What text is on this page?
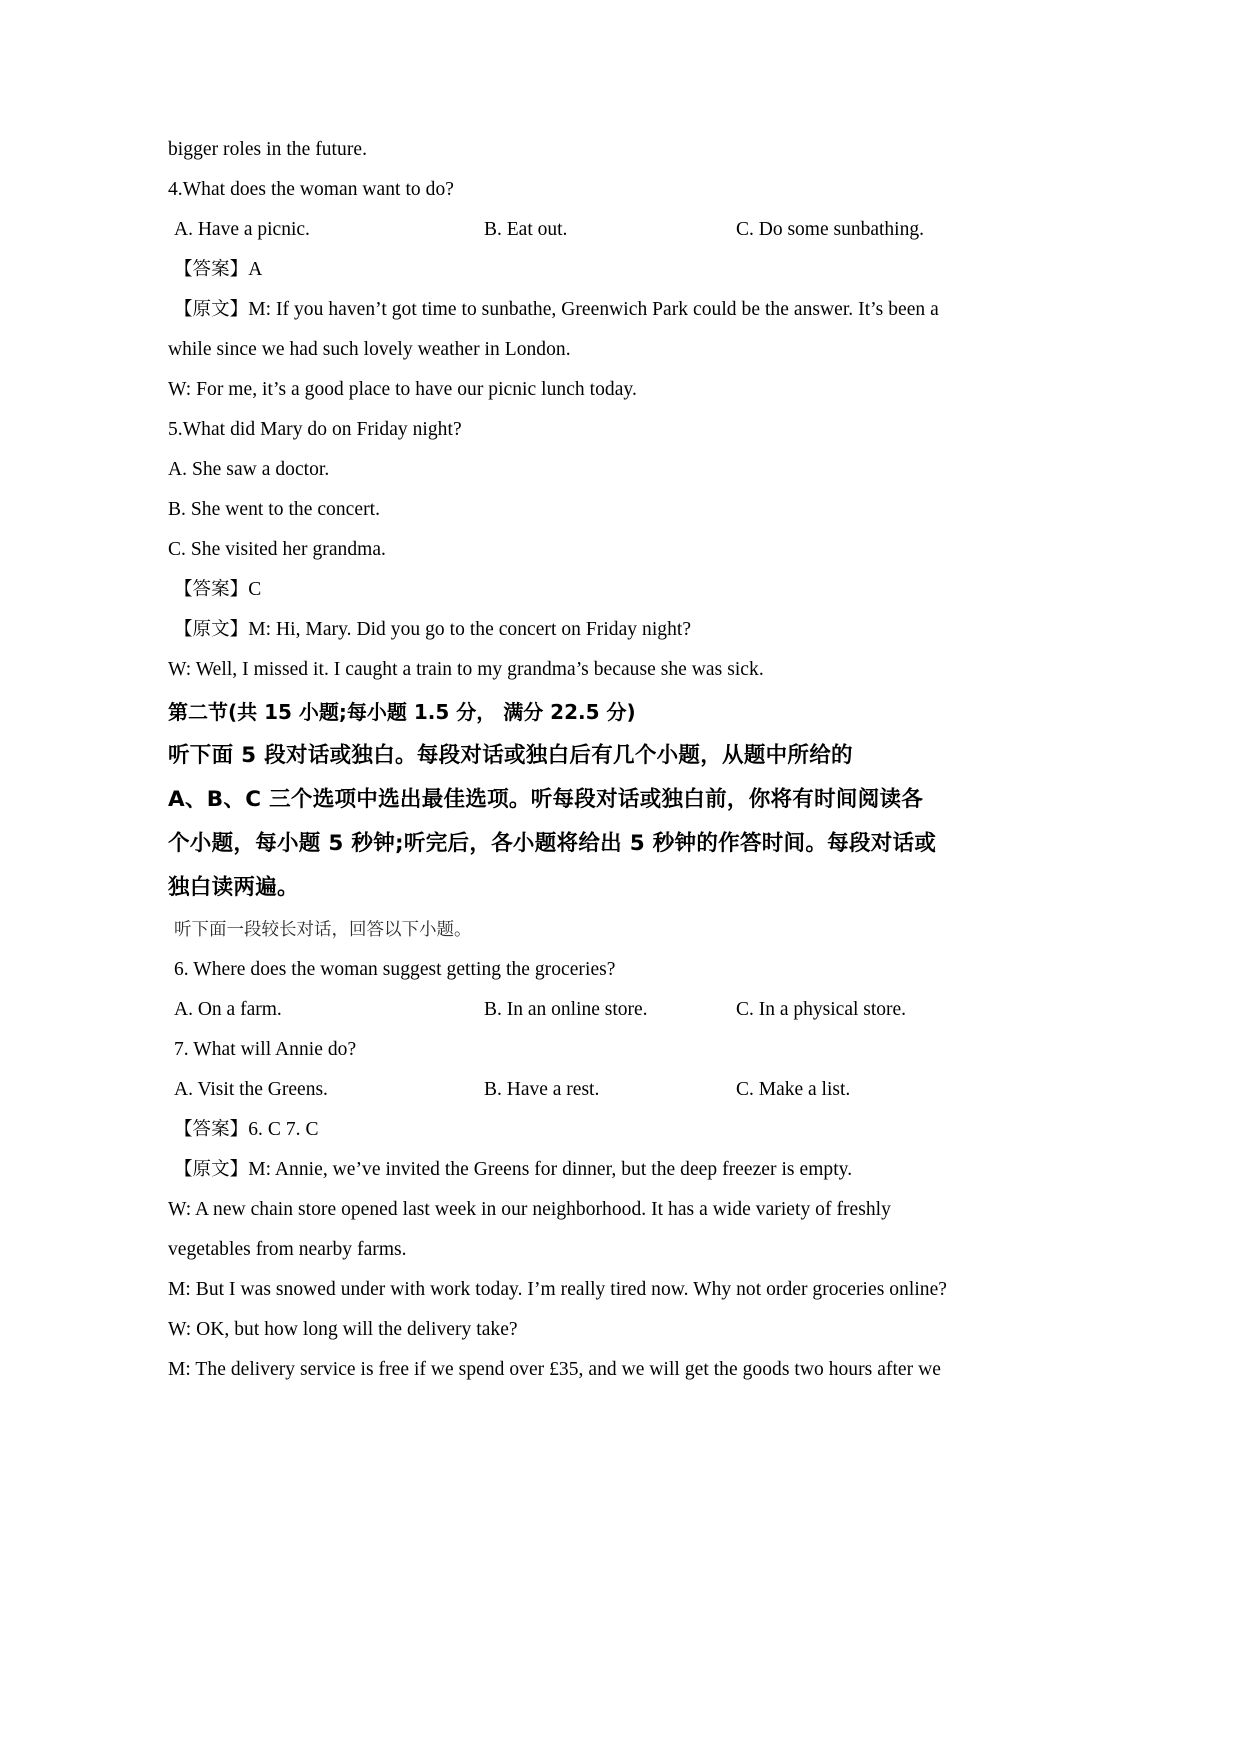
bigger roles in the future.

4.What does the woman want to do?

A. Have a picnic.	B. Eat out.	C. Do some sunbathing.

【答案】A

【原文】M: If you haven’t got time to sunbathe, Greenwich Park could be the answer. It’s been a

while since we had such lovely weather in London.

W: For me, it’s a good place to have our picnic lunch today.

5.What did Mary do on Friday night?

A. She saw a doctor.

B. She went to the concert.

C. She visited her grandma.

【答案】C

【原文】M: Hi, Mary. Did you go to the concert on Friday night?

W: Well, I missed it. I caught a train to my grandma’s because she was sick.

第二节(共 15 小题;每小题 1.5 分， 满分 22.5 分)

听下面 5 段对话或独白。每段对话或独白后有几个小题，从题中所给的

A、B、C 三个选项中选出最佳选项。听每段对话或独白前，你将有时间阅读各

个小题，每小题 5 秒钟;听完后，各小题将给出 5 秒钟的作答时间。每段对话或

独白读两遍。

听下面一段较长对话，回答以下小题。

6. Where does the woman suggest getting the groceries?

A. On a farm.	B. In an online store.	C. In a physical store.

7. What will Annie do?

A. Visit the Greens.	B. Have a rest.	C. Make a list.

【答案】6. C 7. C

【原文】M: Annie, we’ve invited the Greens for dinner, but the deep freezer is empty.

W: A new chain store opened last week in our neighborhood. It has a wide variety of freshly

vegetables from nearby farms.

M: But I was snowed under with work today. I’m really tired now. Why not order groceries online?

W: OK, but how long will the delivery take?

M: The delivery service is free if we spend over £35, and we will get the goods two hours after we
